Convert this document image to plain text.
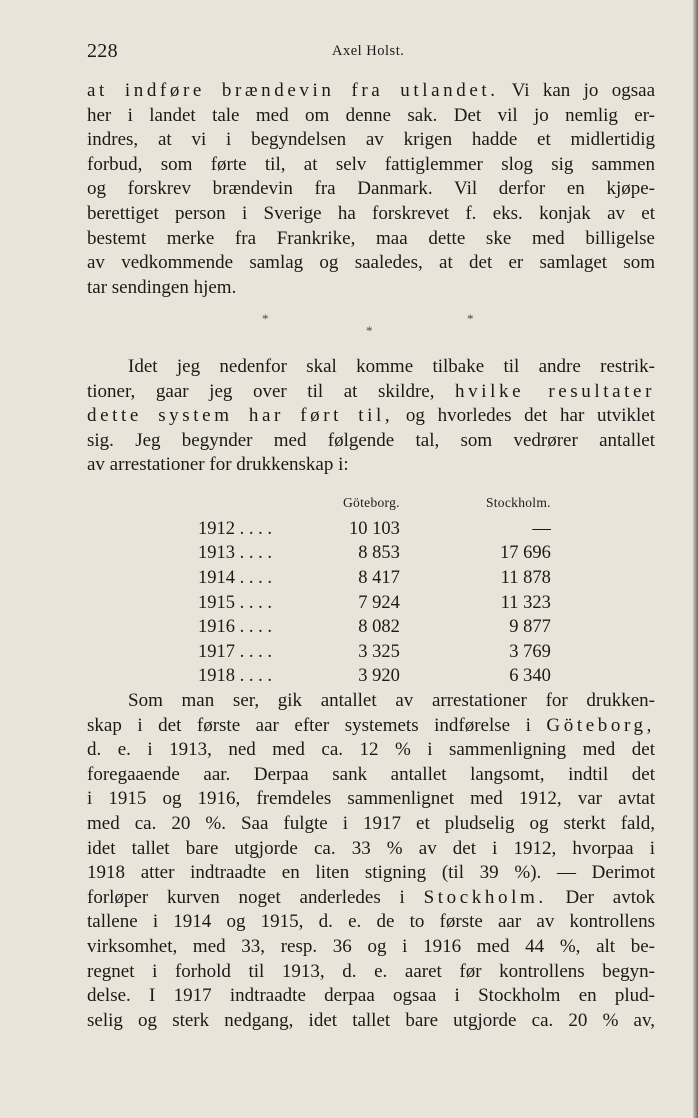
228	Axel Holst.
at indføre brændevin fra utlandet. Vi kan jo ogsaa
her i landet tale med om denne sak. Det vil jo nemlig er-
indres, at vi i begyndelsen av krigen hadde et midlertidig
forbud, som førte til, at selv fattiglemmer slog sig sammen
og forskrev brændevin fra Danmark. Vil derfor en kjøpe-
berettiget person i Sverige ha forskrevet f. eks. konjak av et
bestemt merke fra Frankrike, maa dette ske med billigelse
av vedkommende samlag og saaledes, at det er samlaget som
tar sendingen hjem.
*
*
*
Idet jeg nedenfor skal komme tilbake til andre restrik-
tioner, gaar jeg over til at skildre, hvilke resultater
dette system har ført til, og hvorledes det har utviklet
sig. Jeg begynder med følgende tal, som vedrører antallet
av arrestationer for drukkenskap i:
	Göteborg.	Stockholm.
1912 . . . .	10 103	—
1913 . . . .	8 853	17 696
1914 . . . .	8 417	11 878
1915 . . . .	7 924	11 323
1916 . . . .	8 082	9 877
1917 . . . .	3 325	3 769
1918 . . . .	3 920	6 340
Som man ser, gik antallet av arrestationer for drukken-
skap i det første aar efter systemets indførelse i Göteborg,
d. e. i 1913, ned med ca. 12 % i sammenligning med det
foregaaende aar. Derpaa sank antallet langsomt, indtil det
i 1915 og 1916, fremdeles sammenlignet med 1912, var avtat
med ca. 20 %. Saa fulgte i 1917 et pludselig og sterkt fald,
idet tallet bare utgjorde ca. 33 % av det i 1912, hvorpaa i
1918 atter indtraadte en liten stigning (til 39 %). — Derimot
forløper kurven noget anderledes i Stockholm. Der avtok
tallene i 1914 og 1915, d. e. de to første aar av kontrollens
virksomhet, med 33, resp. 36 og i 1916 med 44 %, alt be-
regnet i forhold til 1913, d. e. aaret før kontrollens begyn-
delse. I 1917 indtraadte derpaa ogsaa i Stockholm en plud-
selig og sterk nedgang, idet tallet bare utgjorde ca. 20 % av,
